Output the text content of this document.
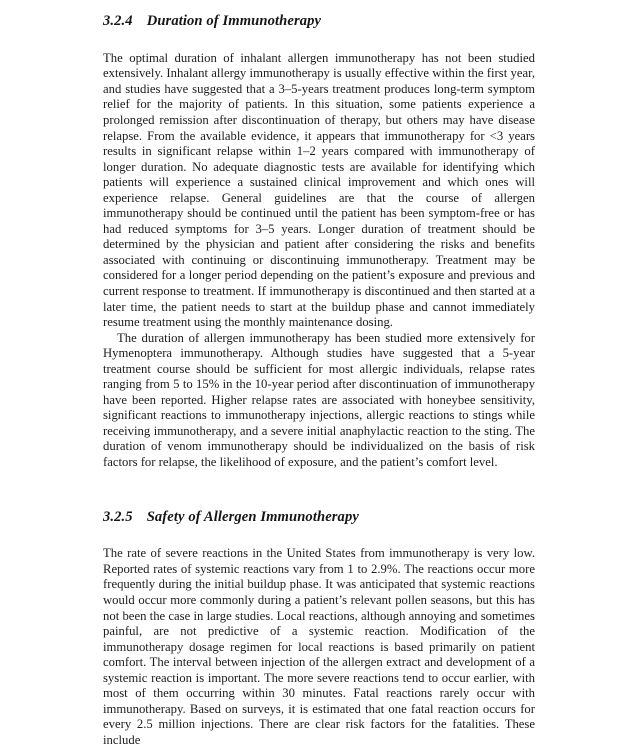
3.2.4 Duration of Immunotherapy

The optimal duration of inhalant allergen immunotherapy has not been studied extensively. Inhalant allergy immunotherapy is usually effective within the first year, and studies have suggested that a 3–5-years treatment produces long-term symptom relief for the majority of patients. In this situation, some patients experience a prolonged remission after discontinuation of therapy, but others may have disease relapse. From the available evidence, it appears that immunotherapy for <3 years results in significant relapse within 1–2 years compared with immunotherapy of longer duration. No adequate diagnostic tests are available for identifying which patients will experience a sustained clinical improvement and which ones will experience relapse. General guidelines are that the course of allergen immunotherapy should be continued until the patient has been symptom-free or has had reduced symptoms for 3–5 years. Longer duration of treatment should be determined by the physician and patient after considering the risks and benefits associated with continuing or discontinuing immunotherapy. Treatment may be considered for a longer period depending on the patient’s exposure and previous and current response to treatment. If immunotherapy is discontinued and then started at a later time, the patient needs to start at the buildup phase and cannot immediately resume treatment using the monthly maintenance dosing.

The duration of allergen immunotherapy has been studied more extensively for Hymenoptera immunotherapy. Although studies have suggested that a 5-year treatment course should be sufficient for most allergic individuals, relapse rates ranging from 5 to 15% in the 10-year period after discontinuation of immunotherapy have been reported. Higher relapse rates are associated with honeybee sensitivity, significant reactions to immunotherapy injections, allergic reactions to stings while receiving immunotherapy, and a severe initial anaphylactic reaction to the sting. The duration of venom immunotherapy should be individualized on the basis of risk factors for relapse, the likelihood of exposure, and the patient’s comfort level.

3.2.5 Safety of Allergen Immunotherapy

The rate of severe reactions in the United States from immunotherapy is very low. Reported rates of systemic reactions vary from 1 to 2.9%. The reactions occur more frequently during the initial buildup phase. It was anticipated that systemic reactions would occur more commonly during a patient’s relevant pollen seasons, but this has not been the case in large studies. Local reactions, although annoying and sometimes painful, are not predictive of a systemic reaction. Modification of the immunotherapy dosage regimen for local reactions is based primarily on patient comfort. The interval between injection of the allergen extract and development of a systemic reaction is important. The more severe reactions tend to occur earlier, with most of them occurring within 30 minutes. Fatal reactions rarely occur with immunotherapy. Based on surveys, it is estimated that one fatal reaction occurs for every 2.5 million injections. There are clear risk factors for the fatalities. These include
